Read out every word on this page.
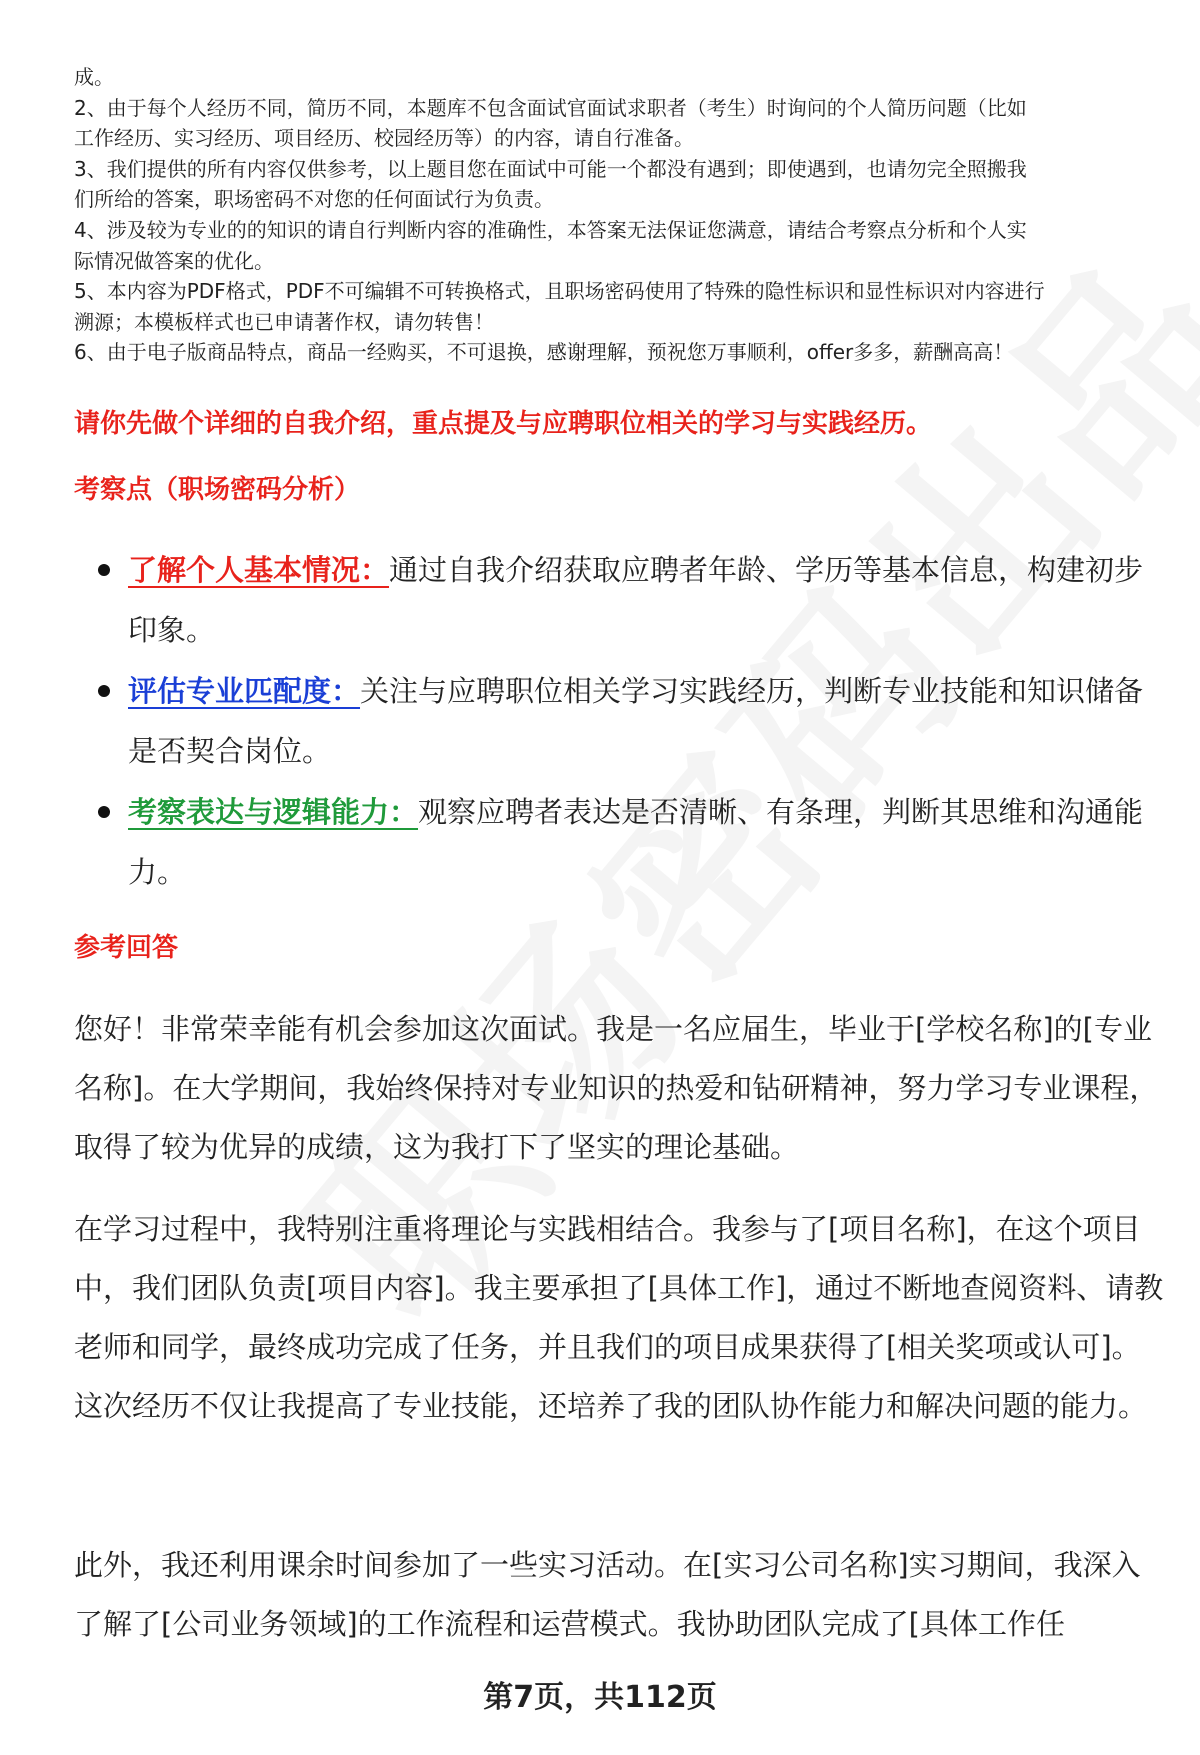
成。

2、由于每个人经历不同，简历不同，本题库不包含面试官面试求职者（考生）时询问的个人简历问题（比如

工作经历、实习经历、项目经历、校园经历等）的内容，请自行准备。

3、我们提供的所有内容仅供参考，以上题目您在面试中可能一个都没有遇到；即使遇到，也请勿完全照搬我

们所给的答案，职场密码不对您的任何面试行为负责。

4、涉及较为专业的的知识的请自行判断内容的准确性，本答案无法保证您满意，请结合考察点分析和个人实

际情况做答案的优化。

5、本内容为PDF格式，PDF不可编辑不可转换格式，且职场密码使用了特殊的隐性标识和显性标识对内容进行

溯源；本模板样式也已申请著作权，请勿转售！

6、由于电子版商品特点，商品一经购买，不可退换，感谢理解，预祝您万事顺利，offer多多，薪酬高高！

请你先做个详细的自我介绍，重点提及与应聘职位相关的学习与实践经历。
考察点（职场密码分析）
了解个人基本情况：通过自我介绍获取应聘者年龄、学历等基本信息，构建初步印象。
评估专业匹配度：关注与应聘职位相关学习实践经历，判断专业技能和知识储备是否契合岗位。
考察表达与逻辑能力：观察应聘者表达是否清晰、有条理，判断其思维和沟通能力。
参考回答

您好！非常荣幸能有机会参加这次面试。我是一名应届生，毕业于[学校名称]的[专业名称]。在大学期间，我始终保持对专业知识的热爱和钻研精神，努力学习专业课程，取得了较为优异的成绩，这为我打下了坚实的理论基础。

在学习过程中，我特别注重将理论与实践相结合。我参与了[项目名称]，在这个项目中，我们团队负责[项目内容]。我主要承担了[具体工作]，通过不断地查阅资料、请教老师和同学，最终成功完成了任务，并且我们的项目成果获得了[相关奖项或认可]。这次经历不仅让我提高了专业技能，还培养了我的团队协作能力和解决问题的能力。

此外，我还利用课余时间参加了一些实习活动。在[实习公司名称]实习期间，我深入了解了[公司业务领域]的工作流程和运营模式。我协助团队完成了[具体工作任

第7页，共112页
